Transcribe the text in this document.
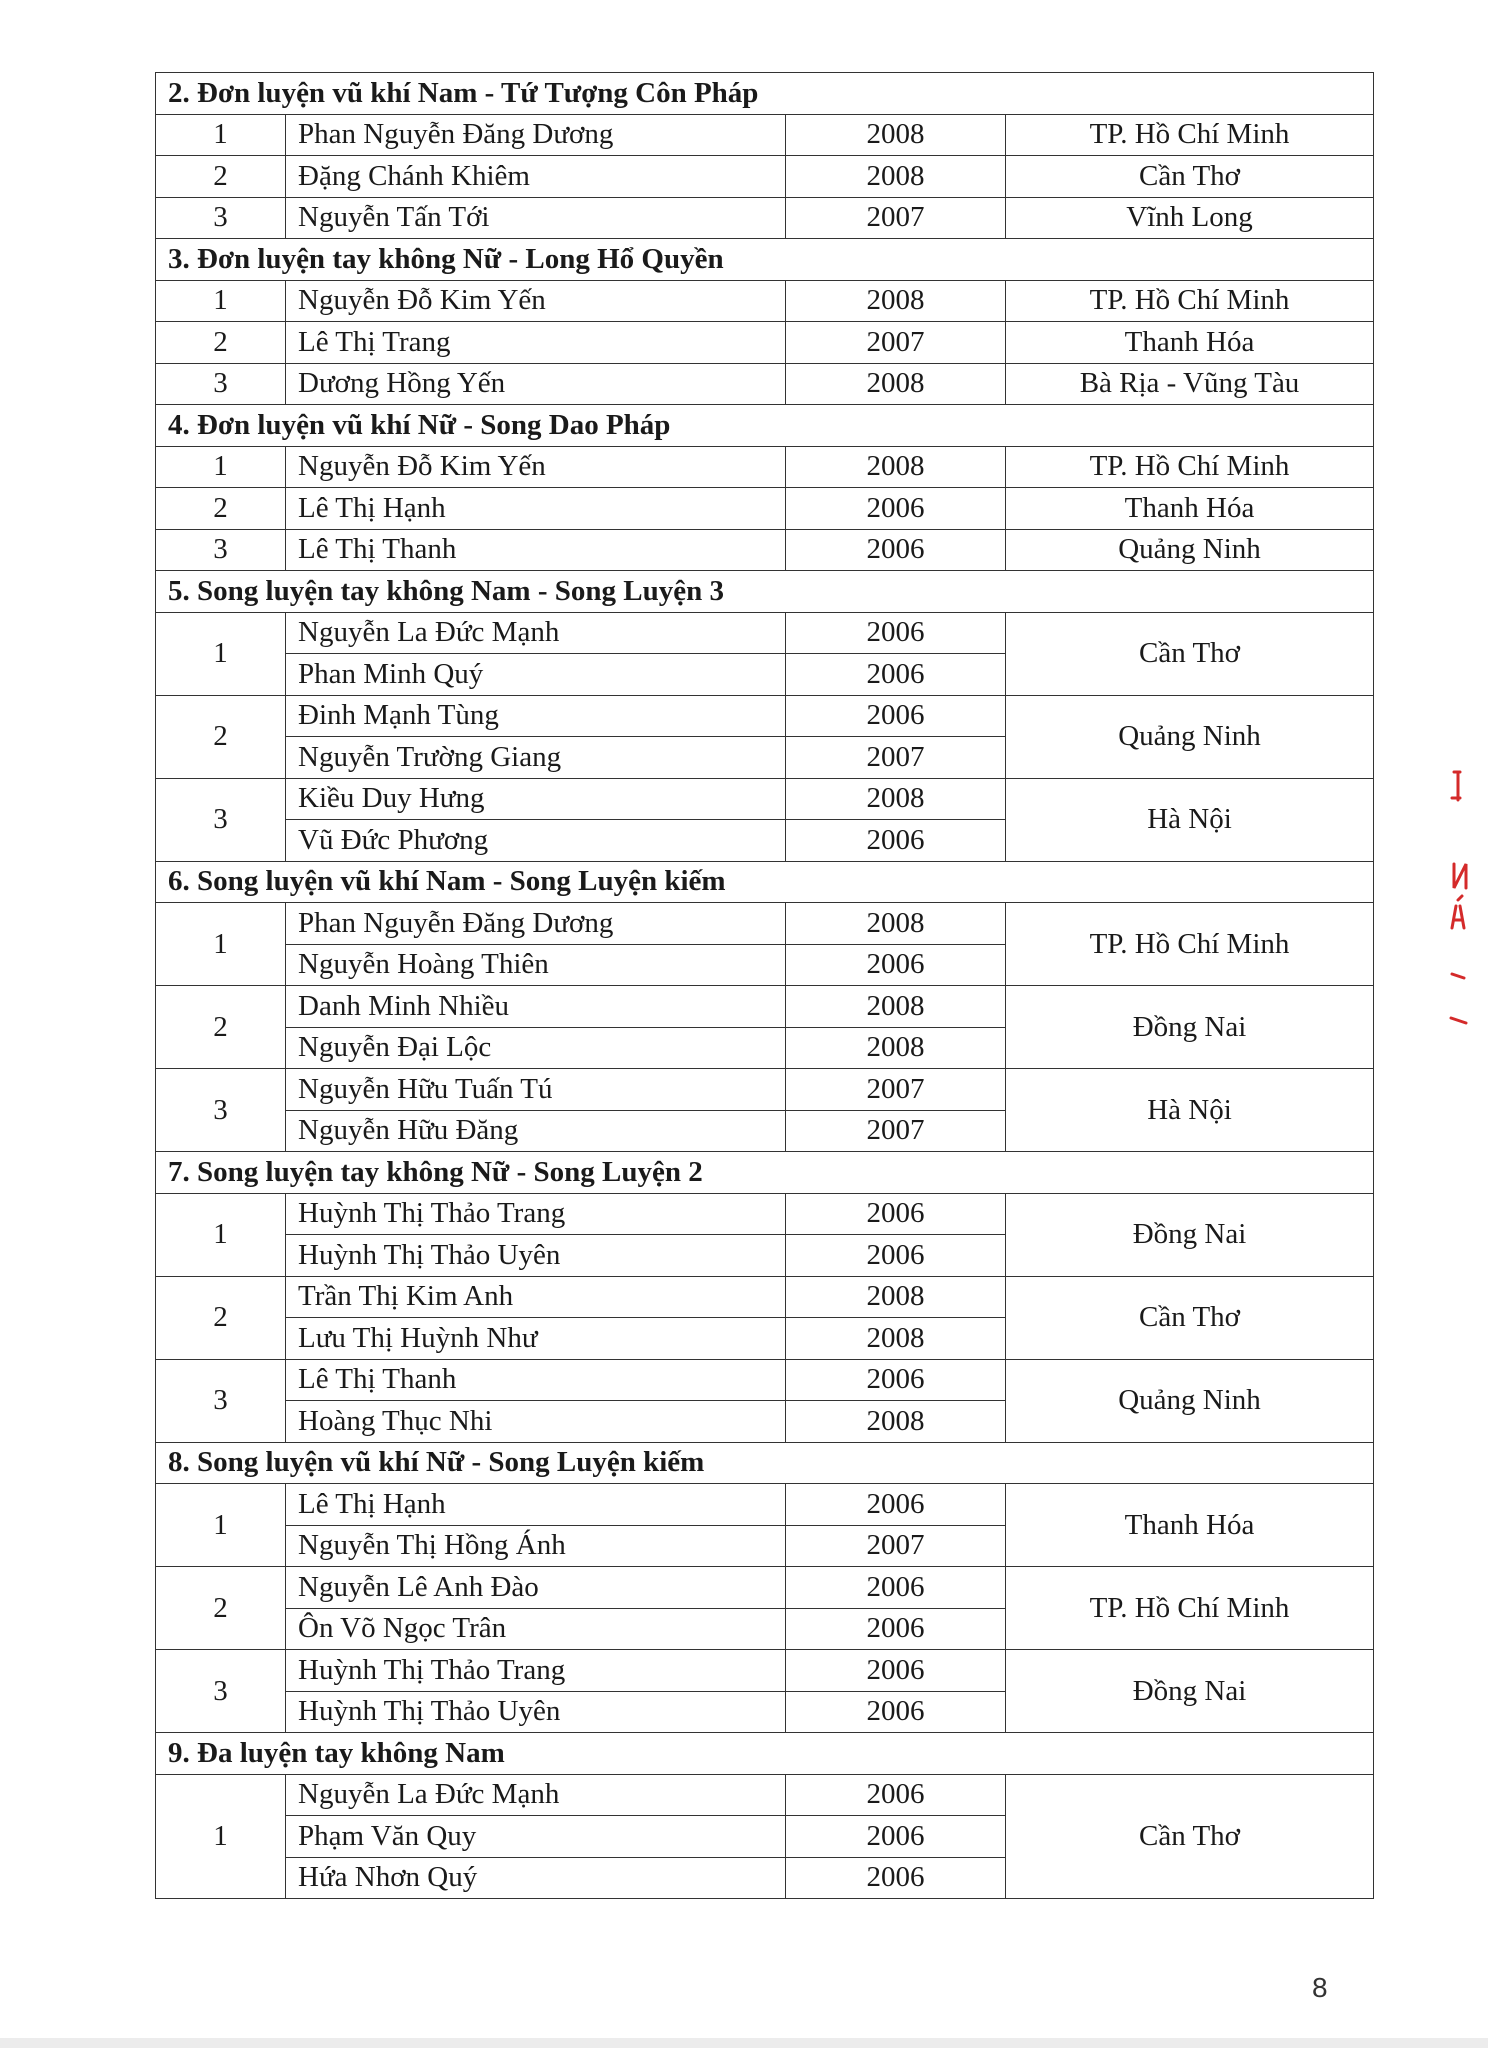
2. Đơn luyện vũ khí Nam - Tứ Tượng Côn Pháp			
1	Phan Nguyễn Đăng Dương	2008	TP. Hồ Chí Minh
2	Đặng Chánh Khiêm	2008	Cần Thơ
3	Nguyễn Tấn Tới	2007	Vĩnh Long
3. Đơn luyện tay không Nữ - Long Hổ Quyền			
1	Nguyễn Đỗ Kim Yến	2008	TP. Hồ Chí Minh
2	Lê Thị Trang	2007	Thanh Hóa
3	Dương Hồng Yến	2008	Bà Rịa - Vũng Tàu
4. Đơn luyện vũ khí Nữ - Song Dao Pháp			
1	Nguyễn Đỗ Kim Yến	2008	TP. Hồ Chí Minh
2	Lê Thị Hạnh	2006	Thanh Hóa
3	Lê Thị Thanh	2006	Quảng Ninh
5. Song luyện tay không Nam - Song Luyện 3			
1	Nguyễn La Đức Mạnh	2006	Cần Thơ
	Phan Minh Quý	2006	
2	Đinh Mạnh Tùng	2006	Quảng Ninh
	Nguyễn Trường Giang	2007	
3	Kiều Duy Hưng	2008	Hà Nội
	Vũ Đức Phương	2006	
6. Song luyện vũ khí Nam - Song Luyện kiếm			
1	Phan Nguyễn Đăng Dương	2008	TP. Hồ Chí Minh
	Nguyễn Hoàng Thiên	2006	
2	Danh Minh Nhiều	2008	Đồng Nai
	Nguyễn Đại Lộc	2008	
3	Nguyễn Hữu Tuấn Tú	2007	Hà Nội
	Nguyễn Hữu Đăng	2007	
7. Song luyện tay không Nữ - Song Luyện 2			
1	Huỳnh Thị Thảo Trang	2006	Đồng Nai
	Huỳnh Thị Thảo Uyên	2006	
2	Trần Thị Kim Anh	2008	Cần Thơ
	Lưu Thị Huỳnh Như	2008	
3	Lê Thị Thanh	2006	Quảng Ninh
	Hoàng Thục Nhi	2008	
8. Song luyện vũ khí Nữ - Song Luyện kiếm			
1	Lê Thị Hạnh	2006	Thanh Hóa
	Nguyễn Thị Hồng Ánh	2007	
2	Nguyễn Lê Anh Đào	2006	TP. Hồ Chí Minh
	Ôn Võ Ngọc Trân	2006	
3	Huỳnh Thị Thảo Trang	2006	Đồng Nai
	Huỳnh Thị Thảo Uyên	2006	
9. Đa luyện tay không Nam			
1	Nguyễn La Đức Mạnh	2006	Cần Thơ
	Phạm Văn Quy	2006	
	Hứa Nhơn Quý	2006	
8
